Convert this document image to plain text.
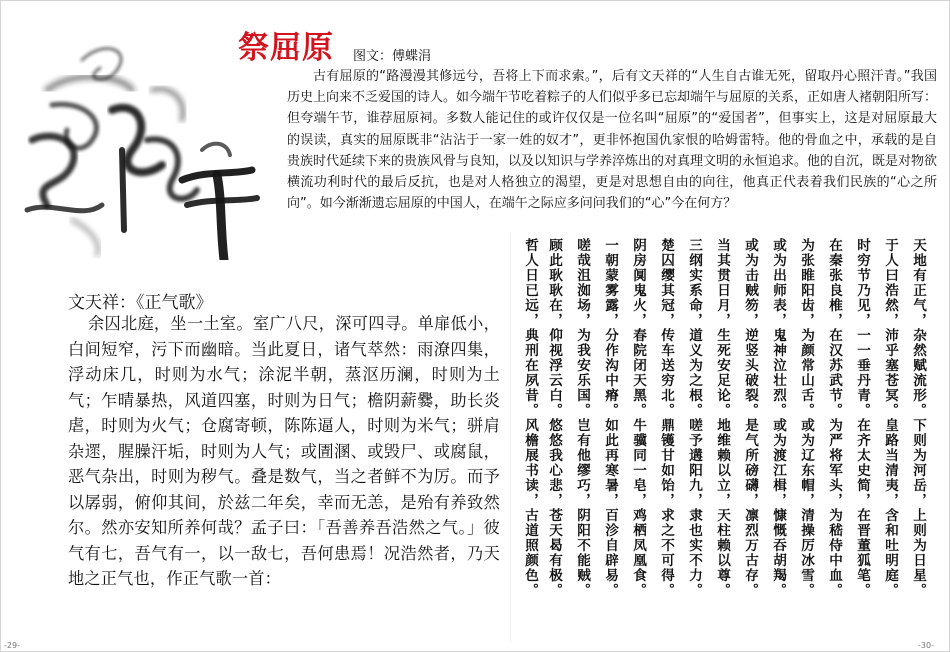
祭屈原 图文：傅蝶涓

古有屈原的“路漫漫其修远兮，吾将上下而求索。”，后有文天祥的“人生自古谁无死，留取丹心照汗青。”我国历史上向来不乏爱国的诗人。如今端午节吃着粽子的人们似乎多已忘却端午与屈原的关系，正如唐人褚朝阳所写：但夸端午节，谁荐屈原祠。多数人能记住的或许仅仅是一位名叫“屈原”的“爱国者”，但事实上，这是对屈原最大的误读，真实的屈原既非“沾沾于一家一姓的奴才”，更非怀抱国仇家恨的哈姆雷特。他的骨血之中，承载的是自贵族时代延续下来的贵族风骨与良知，以及以知识与学养淬炼出的对真理文明的永恒追求。他的自沉，既是对物欲横流功利时代的最后反抗，也是对人格独立的渴望，更是对思想自由的向往，他真正代表着我们民族的“心之所向”。如今渐渐遗忘屈原的中国人，在端午之际应多问问我们的“心”今在何方？

文天祥：《正气歌》

余囚北庭，坐一土室。室广八尺，深可四寻。单扉低小，白间短窄，污下而幽暗。当此夏日，诸气萃然：雨潦四集，浮动床几，时则为水气；涂泥半朝，蒸沤历澜，时则为土气；乍晴暴热，风道四塞，时则为日气；檐阴薪爨，助长炎虐，时则为火气；仓腐寄顿，陈陈逼人，时则为米气；骈肩杂遝，腥臊汗垢，时则为人气；或圊溷、或毁尸、或腐鼠，恶气杂出，时则为秽气。叠是数气，当之者鲜不为厉。而予以孱弱，俯仰其间，於兹二年矣，幸而无恙，是殆有养致然尔。然亦安知所养何哉？孟子曰：「吾善养吾浩然之气。」彼气有七，吾气有一，以一敌七，吾何患焉！况浩然者，乃天地之正气也，作正气歌一首：	天地有正气，杂然赋流形。下则为河岳，上则为日星。
于人曰浩然，沛乎塞苍冥。皇路当清夷，含和吐明庭。
时穷节乃见，一一垂丹青。在齐太史简，在晋董狐笔。
在秦张良椎，在汉苏武节。为严将军头，为嵇侍中血。
为张睢阳齿，为颜常山舌。或为辽东帽，清操厉冰雪。
或为出师表，鬼神泣壮烈。或为渡江楫，慷慨吞胡羯。
或为击贼笏，逆竖头破裂。是气所磅礴，凛烈万古存。
当其贯日月，生死安足论。地维赖以立，天柱赖以尊。
三纲实系命，道义为之根。嗟予遘阳九，隶也实不力。
楚囚缨其冠，传车送穷北。鼎镬甘如饴，求之不可得。
阴房阒鬼火，春院闭天黑。牛骥同一皂，鸡栖凤凰食。
一朝蒙雾露，分作沟中瘠。如此再寒暑，百沴自辟易。
嗟哉沮洳场，为我安乐国。岂有他缪巧，阴阳不能贼。
顾此耿耿在，仰视浮云白。悠悠我心悲，苍天曷有极。
哲人日已远，典刑在夙昔。风檐展书读，古道照颜色。
-29-	-30-
